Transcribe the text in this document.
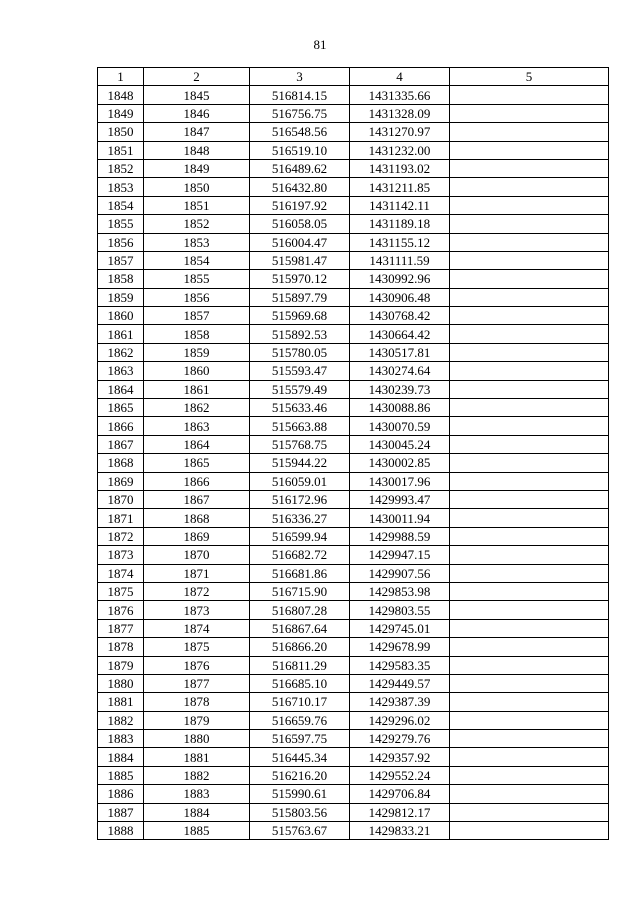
81
1	2	3	4	5
1848	1845	516814.15	1431335.66	
1849	1846	516756.75	1431328.09	
1850	1847	516548.56	1431270.97	
1851	1848	516519.10	1431232.00	
1852	1849	516489.62	1431193.02	
1853	1850	516432.80	1431211.85	
1854	1851	516197.92	1431142.11	
1855	1852	516058.05	1431189.18	
1856	1853	516004.47	1431155.12	
1857	1854	515981.47	1431111.59	
1858	1855	515970.12	1430992.96	
1859	1856	515897.79	1430906.48	
1860	1857	515969.68	1430768.42	
1861	1858	515892.53	1430664.42	
1862	1859	515780.05	1430517.81	
1863	1860	515593.47	1430274.64	
1864	1861	515579.49	1430239.73	
1865	1862	515633.46	1430088.86	
1866	1863	515663.88	1430070.59	
1867	1864	515768.75	1430045.24	
1868	1865	515944.22	1430002.85	
1869	1866	516059.01	1430017.96	
1870	1867	516172.96	1429993.47	
1871	1868	516336.27	1430011.94	
1872	1869	516599.94	1429988.59	
1873	1870	516682.72	1429947.15	
1874	1871	516681.86	1429907.56	
1875	1872	516715.90	1429853.98	
1876	1873	516807.28	1429803.55	
1877	1874	516867.64	1429745.01	
1878	1875	516866.20	1429678.99	
1879	1876	516811.29	1429583.35	
1880	1877	516685.10	1429449.57	
1881	1878	516710.17	1429387.39	
1882	1879	516659.76	1429296.02	
1883	1880	516597.75	1429279.76	
1884	1881	516445.34	1429357.92	
1885	1882	516216.20	1429552.24	
1886	1883	515990.61	1429706.84	
1887	1884	515803.56	1429812.17	
1888	1885	515763.67	1429833.21	
